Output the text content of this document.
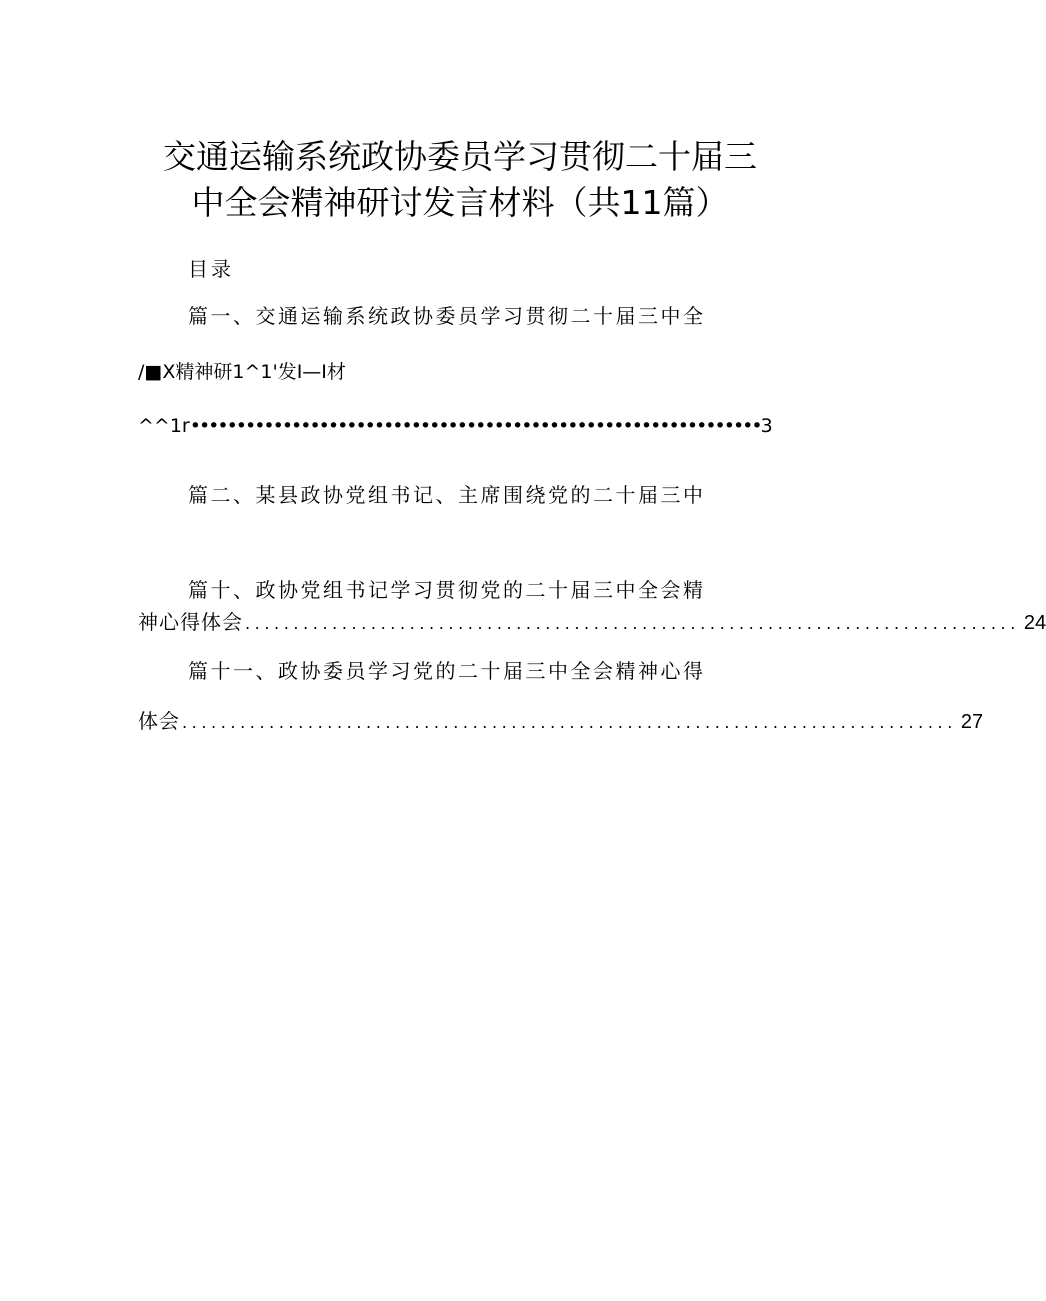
交通运输系统政协委员学习贯彻二十届三
中全会精神研讨发言材料（共11篇）
目录
篇一、交通运输系统政协委员学习贯彻二十届三中全
/■X精神研1^1'发I—I材
^^1r••••••••••••••••••••••••••••••••••••••••••••••••••••••••••••••3
篇二、某县政协党组书记、主席围绕党的二十届三中
篇十、政协党组书记学习贯彻党的二十届三中全会精
神心得体会 ................................................................................ 24
篇十一、政协委员学习党的二十届三中全会精神心得
体会 ................................................................................ 27
